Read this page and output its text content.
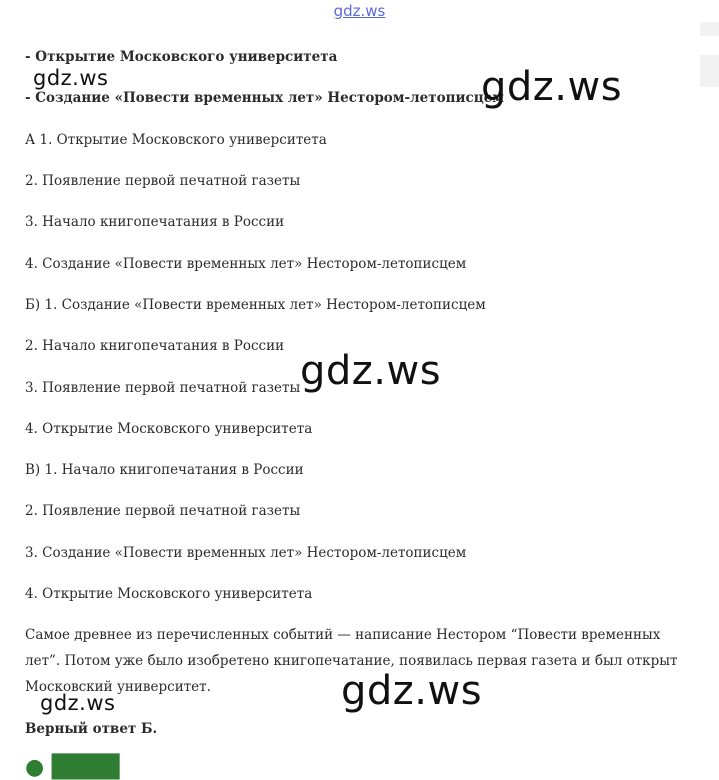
gdz.ws
- Открытие Московского университета
- Создание «Повести временных лет» Нестором-летописцем
А 1. Открытие Московского университета
2. Появление первой печатной газеты
3. Начало книгопечатания в России
4. Создание «Повести временных лет» Нестором-летописцем
Б) 1. Создание «Повести временных лет» Нестором-летописцем
2. Начало книгопечатания в России
3. Появление первой печатной газеты
4. Открытие Московского университета
В) 1. Начало книгопечатания в России
2. Появление первой печатной газеты
3. Создание «Повести временных лет» Нестором-летописцем
4. Открытие Московского университета
Самое древнее из перечисленных событий — написание Нестором “Повести временных лет”. Потом уже было изобретено книгопечатание, появилась первая газета и был открыт Московский университет.
Верный ответ Б.
gdz.ws	gdz.ws
gdz.ws
gdz.ws
gdz.ws
● ████
